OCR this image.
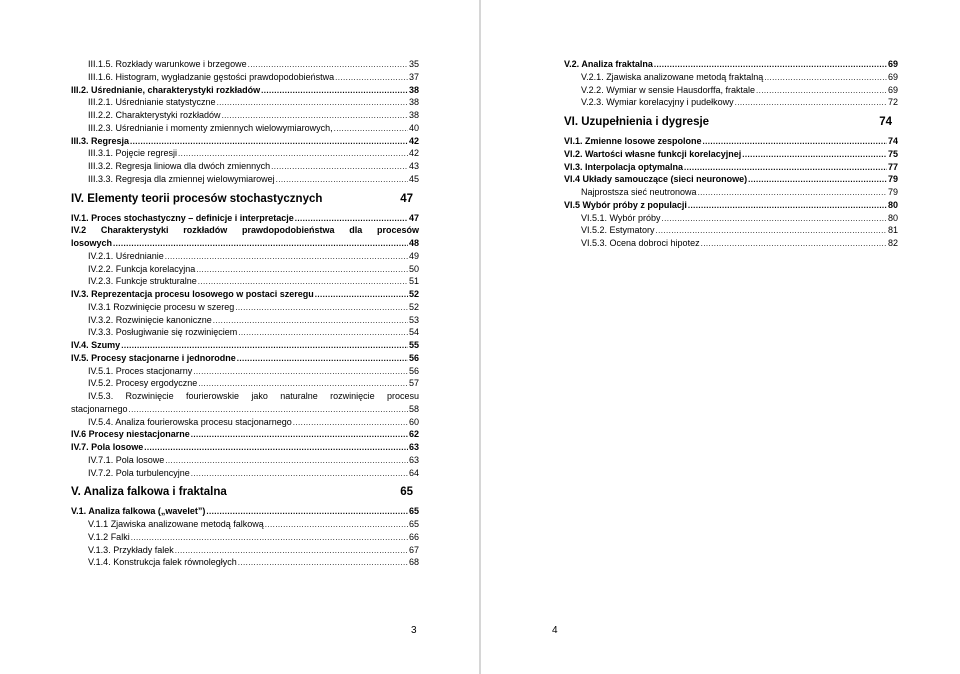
III.1.5. Rozkłady warunkowe i brzegowe .....	35
III.1.6. Histogram, wygładzanie gęstości prawdopodobieństwa .....	37
III.2. Uśrednianie, charakterystyki rozkładów .....	38
III.2.1. Uśrednianie statystyczne .....	38
III.2.2. Charakterystyki rozkładów .....	38
III.2.3. Uśrednianie i momenty zmiennych wielowymiarowych, .....	40
III.3. Regresja .....	42
III.3.1. Pojęcie regresji .....	42
III.3.2. Regresja liniowa dla dwóch zmiennych .....	43
III.3.3. Regresja dla zmiennej wielowymiarowej .....	45
IV. Elementy teorii procesów stochastycznych	47
IV.1. Proces stochastyczny – definicje i interpretacje .....	47
IV.2 Charakterystyki rozkładów prawdopodobieństwa dla procesów
losowych .....	48
IV.2.1. Uśrednianie .....	49
IV.2.2. Funkcja korelacyjna .....	50
IV.2.3. Funkcje strukturalne .....	51
IV.3. Reprezentacja procesu losowego w postaci szeregu .....	52
IV.3.1 Rozwinięcie procesu w szereg .....	52
IV.3.2. Rozwinięcie kanoniczne .....	53
IV.3.3. Posługiwanie się rozwinięciem .....	54
IV.4. Szumy .....	55
IV.5. Procesy stacjonarne i jednorodne .....	56
IV.5.1. Proces stacjonarny .....	56
IV.5.2. Procesy ergodyczne .....	57
IV.5.3. Rozwinięcie fourierowskie jako naturalne rozwinięcie procesu
stacjonarnego .....	58
IV.5.4. Analiza fourierowska procesu stacjonarnego .....	60
IV.6 Procesy niestacjonarne .....	62
IV.7. Pola losowe .....	63
IV.7.1. Pola losowe .....	63
IV.7.2. Pola turbulencyjne .....	64
V. Analiza falkowa i fraktalna	65
V.1. Analiza falkowa („wavelet”) .....	65
V.1.1 Zjawiska analizowane metodą falkową .....	65
V.1.2 Falki .....	66
V.1.3. Przykłady falek .....	67
V.1.4. Konstrukcja falek równoległych .....	68
3
V.2. Analiza fraktalna .....	69
V.2.1. Zjawiska analizowane metodą fraktalną .....	69
V.2.2. Wymiar w sensie Hausdorffa, fraktale .....	69
V.2.3. Wymiar korelacyjny i pudełkowy .....	72
VI. Uzupełnienia i dygresje	74
VI.1. Zmienne losowe zespolone .....	74
VI.2. Wartości własne funkcji korelacyjnej .....	75
VI.3. Interpolacja optymalna .....	77
VI.4 Układy samouczące (sieci neuronowe) .....	79
Najprostsza sieć neutronowa .....	79
VI.5 Wybór próby z populacji .....	80
VI.5.1. Wybór próby .....	80
VI.5.2. Estymatory .....	81
VI.5.3. Ocena dobroci hipotez .....	82
4
